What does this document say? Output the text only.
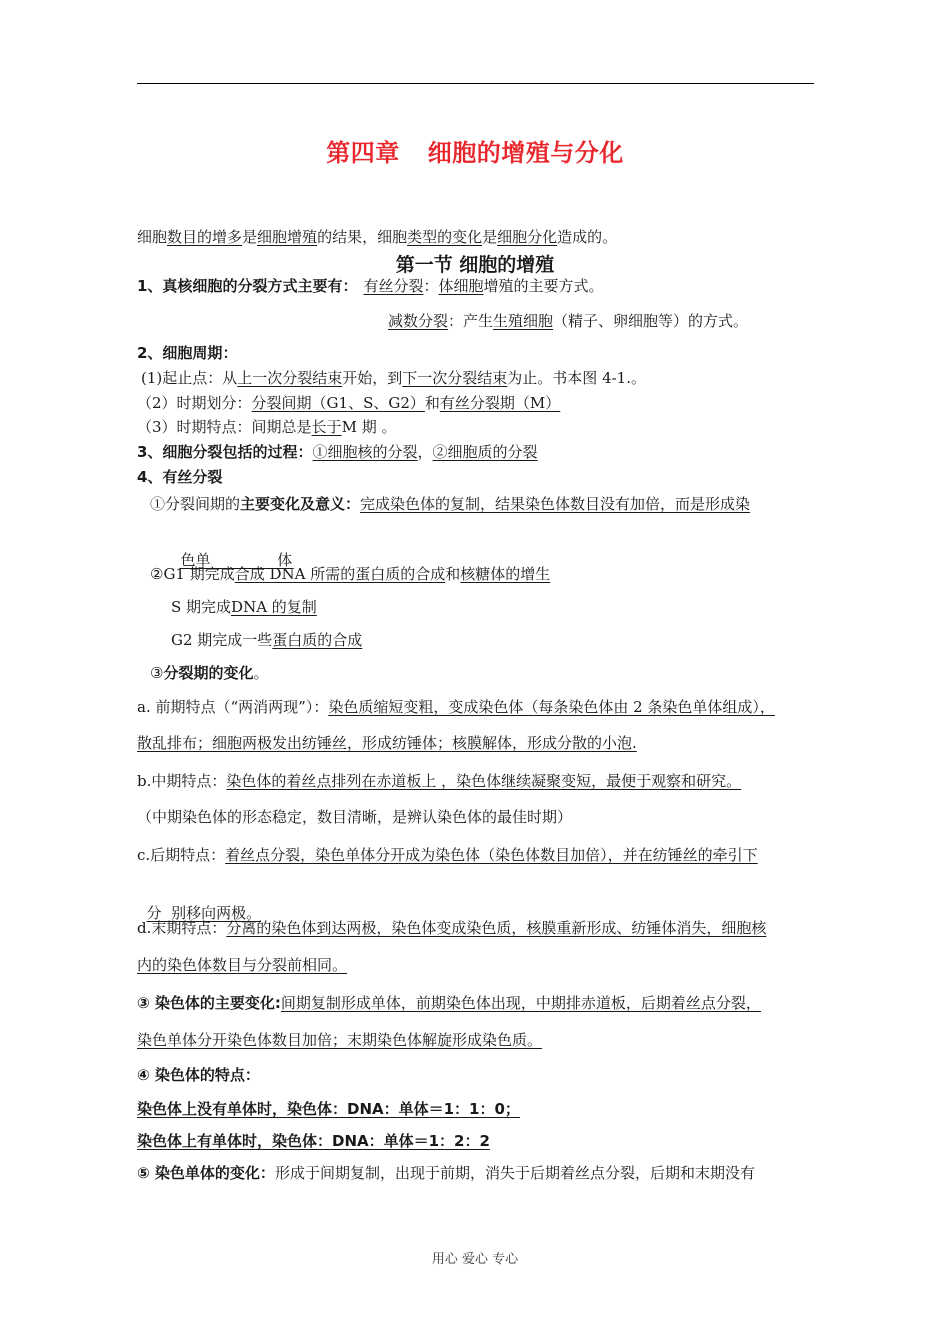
第四章 细胞的增殖与分化
细胞数目的增多是细胞增殖的结果，细胞类型的变化是细胞分化造成的。
第一节 细胞的增殖
1、真核细胞的分裂方式主要有： 有丝分裂：体细胞增殖的主要方式。
减数分裂：产生生殖细胞（精子、卵细胞等）的方式。
2、细胞周期：
(1)起止点：从上一次分裂结束开始，到下一次分裂结束为止。书本图 4-1.。
（2）时期划分：分裂间期（G1、S、G2）和有丝分裂期（M）
（3）时期特点：间期总是长于M 期 。
3、细胞分裂包括的过程：①细胞核的分裂，②细胞质的分裂
4、有丝分裂
①分裂间期的主要变化及意义：完成染色体的复制，结果染色体数目没有加倍，而是形成染

色单              体

②G1 期完成合成 DNA 所需的蛋白质的合成和核糖体的增生
S 期完成DNA 的复制
G2 期完成一些蛋白质的合成
③分裂期的变化。
a. 前期特点（“两消两现”）：染色质缩短变粗，变成染色体（每条染色体由 2 条染色单体组成），
散乱排布；细胞两极发出纺锤丝，形成纺锤体；核膜解体，形成分散的小泡.
b.中期特点：染色体的着丝点排列在赤道板上 ，染色体继续凝聚变短，最便于观察和研究。
（中期染色体的形态稳定，数目清晰，是辨认染色体的最佳时期）
c.后期特点：着丝点分裂，染色单体分开成为染色体（染色体数目加倍），并在纺锤丝的牵引下

分  别移向两极。

d.末期特点：分离的染色体到达两极，染色体变成染色质，核膜重新形成、纺锤体消失，细胞核
内的染色体数目与分裂前相同。
③ 染色体的主要变化:间期复制形成单体，前期染色体出现，中期排赤道板，后期着丝点分裂，
染色单体分开染色体数目加倍；末期染色体解旋形成染色质。
④ 染色体的特点：
染色体上没有单体时，染色体：DNA：单体＝1：1：0；
染色体上有单体时，染色体：DNA：单体＝1：2：2
⑤ 染色单体的变化：形成于间期复制，出现于前期，消失于后期着丝点分裂，后期和末期没有
用心 爱心 专心
